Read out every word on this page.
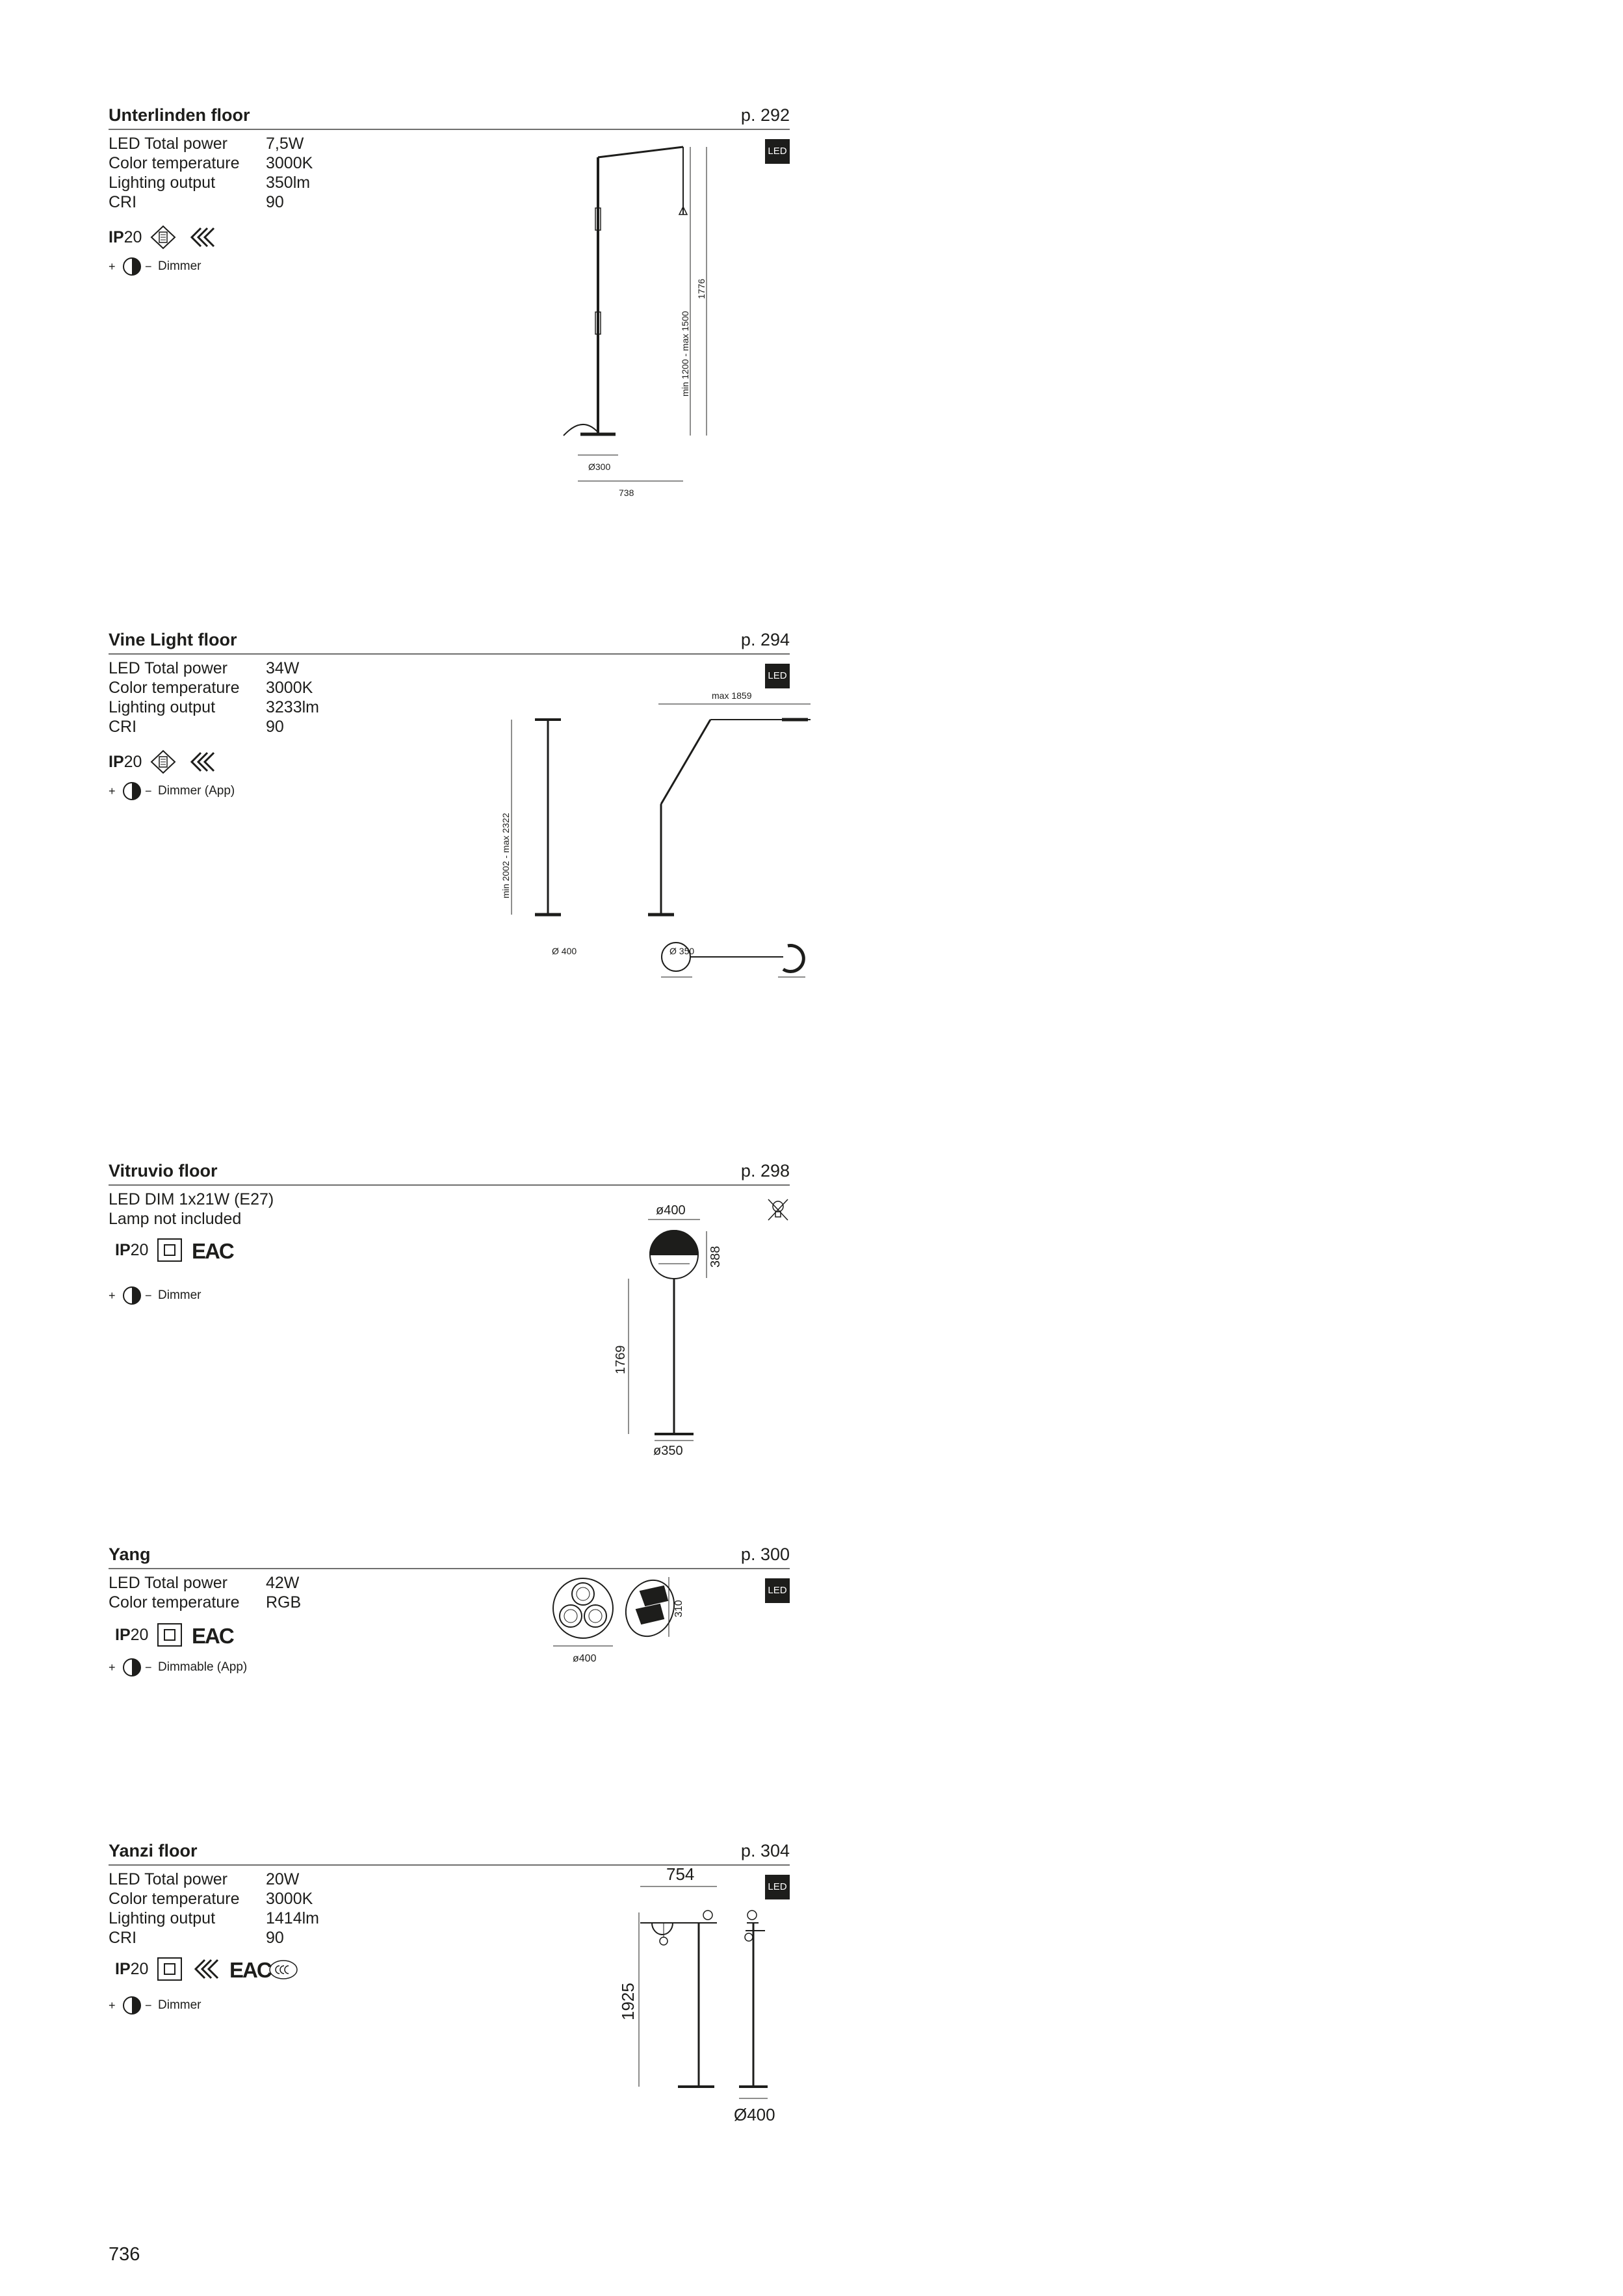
Unterlinden floor	p. 292
LED Total power 7,5W
Color temperature 3000K
Lighting output	350lm
CRI	90
IP20
+	− Dimmer
LED
min 1200 - max 1500
1776
Ø300
738
Vine Light floor	p. 294
LED Total power 34W
Color temperature 3000K
Lighting output	3233lm
CRI	90
IP20
+	− Dimmer (App)
LED
max 1859
min 2002 - max 2322
Ø 400	Ø 350
Vitruvio floor	p. 298
LED DIM 1x21W (E27)
Lamp not included
IP20 EAC
+	− Dimmer
ø400
388
1769
ø350
Yang	p. 300
LED Total power 42W
Color temperature RGB
IP20 EAC
+	− Dimmable (App)
LED
310
ø400
Yanzi floor	p. 304
LED Total power 20W
Color temperature 3000K
Lighting output	1414lm
CRI	90
IP20	EAC
+	− Dimmer
LED
754
1925
Ø400
736
